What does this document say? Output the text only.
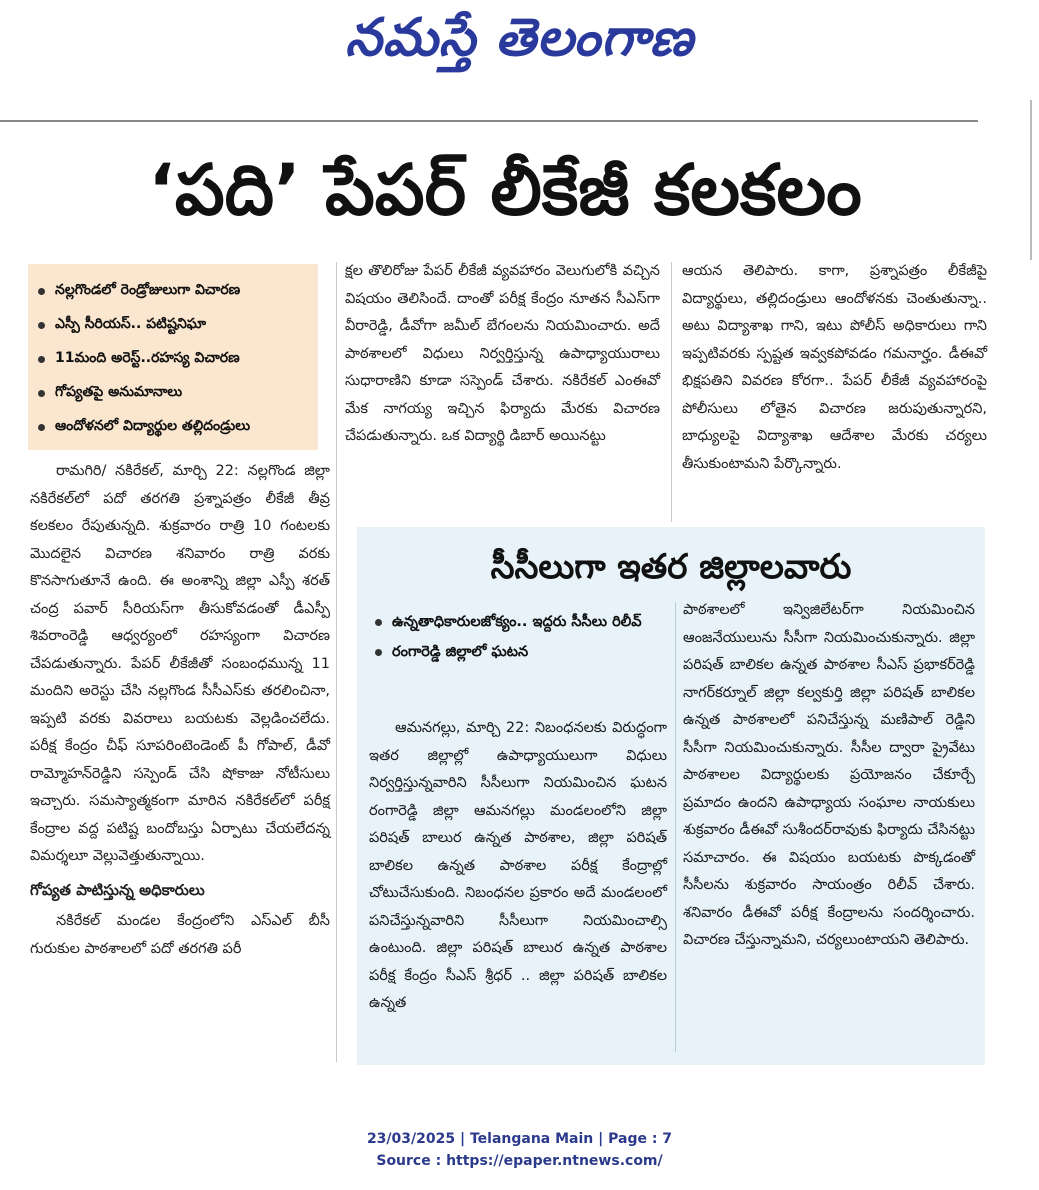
నమస్తే తెలంగాణ
‘పది’ పేపర్ లీకేజీ కలకలం
నల్లగొండలో రెండ్రోజులుగా విచారణ
ఎస్పీ సీరియస్.. పటిష్టనిఘా
11మంది అరెస్ట్..రహస్య విచారణ
గోప్యతపై అనుమానాలు
ఆందోళనలో విద్యార్థుల తల్లిదండ్రులు

రామగిరి/ నకిరేకల్, మార్చి 22: నల్లగొండ జిల్లా నకిరేకల్‌లో పదో తరగతి ప్రశ్నాపత్రం లీకేజీ తీవ్ర కలకలం రేపుతున్నది. శుక్రవారం రాత్రి 10 గంటలకు మొదలైన విచారణ శనివారం రాత్రి వరకు కొనసాగుతూనే ఉంది. ఈ అంశాన్ని జిల్లా ఎస్పీ శరత్ చంద్ర పవార్ సీరియస్‌గా తీసుకోవడంతో డీఎస్పీ శివరాంరెడ్డి ఆధ్వర్యంలో రహస్యంగా విచారణ చేపడుతున్నారు. పేపర్ లీకేజీతో సంబంధమున్న 11 మందిని అరెస్టు చేసి నల్లగొండ సీసీఎస్‌కు తరలించినా, ఇప్పటి వరకు వివరాలు బయటకు వెల్లడించలేదు. పరీక్ష కేంద్రం చీఫ్ సూపరింటెండెంట్ పీ గోపాల్, డీవో రామ్మోహన్‌రెడ్డిని సస్పెండ్ చేసి షోకాజు నోటీసులు ఇచ్చారు. సమస్యాత్మకంగా మారిన నకిరేకల్‌లో పరీక్ష కేంద్రాల వద్ద పటిష్ట బందోబస్తు ఏర్పాటు చేయలేదన్న విమర్శలూ వెల్లువెత్తుతున్నాయి.

గోప్యత పాటిస్తున్న అధికారులు

నకిరేకల్ మండల కేంద్రంలోని ఎస్‌ఎల్ బీసీ గురుకుల పాఠశాలలో పదో తరగతి పరీ

క్షల తొలిరోజు పేపర్ లీకేజీ వ్యవహారం వెలుగులోకి వచ్చిన విషయం తెలిసిందే. దాంతో పరీక్ష కేంద్రం నూతన సీఎస్‌గా వీరారెడ్డి, డీవోగా జమీల్ బేగంలను నియమించారు. అదే పాఠశాలలో విధులు నిర్వర్తిస్తున్న ఉపాధ్యాయురాలు సుధారాణిని కూడా సస్పెండ్ చేశారు. నకిరేకల్ ఎంఈవో మేక నాగయ్య ఇచ్చిన ఫిర్యాదు మేరకు విచారణ చేపడుతున్నారు. ఒక విద్యార్థి డిబార్ అయినట్టు

ఆయన తెలిపారు. కాగా, ప్రశ్నాపత్రం లీకేజీపై విద్యార్థులు, తల్లిదండ్రులు ఆందోళనకు చెంతుతున్నా.. అటు విద్యాశాఖ గాని, ఇటు పోలీస్ అధికారులు గాని ఇప్పటివరకు స్పష్టత ఇవ్వకపోవడం గమనార్హం. డీఈవో భిక్షపతిని వివరణ కోరగా.. పేపర్ లీకేజీ వ్యవహారంపై పోలీసులు లోతైన విచారణ జరుపుతున్నారని, బాధ్యులపై విద్యాశాఖ ఆదేశాల మేరకు చర్యలు తీసుకుంటామని పేర్కొన్నారు.

సీసీలుగా ఇతర జిల్లాలవారు
ఉన్నతాధికారులజోక్యం.. ఇద్దరు సీసీలు రిలీవ్
రంగారెడ్డి జిల్లాలో ఘటన

ఆమనగల్లు, మార్చి 22: నిబంధనలకు విరుద్ధంగా ఇతర జిల్లాల్లో ఉపాధ్యాయులుగా విధులు నిర్వర్తిస్తున్నవారిని సీసీలుగా నియమించిన ఘటన రంగారెడ్డి జిల్లా ఆమనగల్లు మండలంలోని జిల్లా పరిషత్ బాలుర ఉన్నత పాఠశాల, జిల్లా పరిషత్ బాలికల ఉన్నత పాఠశాల పరీక్ష కేంద్రాల్లో చోటుచేసుకుంది. నిబంధనల ప్రకారం అదే మండలంలో పనిచేస్తున్నవారిని సీసీలుగా నియమించాల్సి ఉంటుంది. జిల్లా పరిషత్ బాలుర ఉన్నత పాఠశాల పరీక్ష కేంద్రం సీఎస్ శ్రీధర్ .. జిల్లా పరిషత్ బాలికల ఉన్నత

పాఠశాలలో ఇన్విజిలేటర్‌గా నియమించిన ఆంజనేయులును సీసీగా నియమించుకున్నారు. జిల్లా పరిషత్ బాలికల ఉన్నత పాఠశాల సీఎస్ ప్రభాకర్‌రెడ్డి నాగర్‌కర్నూల్ జిల్లా కల్వకుర్తి జిల్లా పరిషత్ బాలికల ఉన్నత పాఠశాలలో పనిచేస్తున్న మణిపాల్ రెడ్డిని సీసీగా నియమించుకున్నారు. సీసీల ద్వారా ప్రైవేటు పాఠశాలల విద్యార్థులకు ప్రయోజనం చేకూర్చే ప్రమాదం ఉందని ఉపాధ్యాయ సంఘాల నాయకులు శుక్రవారం డీఈవో సుశీందర్‌రావుకు ఫిర్యాదు చేసినట్టు సమాచారం. ఈ విషయం బయటకు పొక్కడంతో సీసీలను శుక్రవారం సాయంత్రం రిలీవ్ చేశారు. శనివారం డీఈవో పరీక్ష కేంద్రాలను సందర్శించారు. విచారణ చేస్తున్నామని, చర్యలుంటాయని తెలిపారు.

23/03/2025 | Telangana Main | Page : 7
Source : https://epaper.ntnews.com/
